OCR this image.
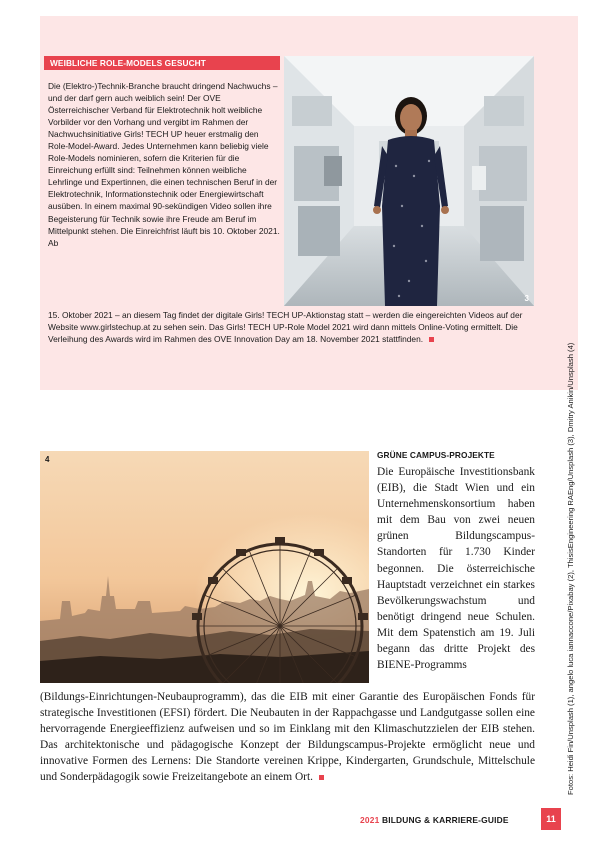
WEIBLICHE ROLE-MODELS GESUCHT
Die (Elektro-)Technik-Branche braucht dringend Nachwuchs – und der darf gern auch weiblich sein! Der OVE Österreichischer Verband für Elektrotechnik holt weibliche Vorbilder vor den Vorhang und vergibt im Rahmen der Nachwuchsinitiative Girls! TECH UP heuer erstmalig den Role-Model-Award. Jedes Unternehmen kann beliebig viele Role-Models nominieren, sofern die Kriterien für die Einreichung erfüllt sind: Teilnehmen können weibliche Lehrlinge und Expertinnen, die einen technischen Beruf in der Elektrotechnik, Informationstechnik oder Energiewirtschaft ausüben. In einem maximal 90-sekündigen Video sollen ihre Begeisterung für Technik sowie ihre Freude am Beruf im Mittelpunkt stehen. Die Einreichfrist läuft bis 10. Oktober 2021. Ab
15. Oktober 2021 – an diesem Tag findet der digitale Girls! TECH UP-Aktionstag statt – werden die eingereichten Videos auf der Website www.girlstechup.at zu sehen sein. Das Girls! TECH UP-Role Model 2021 wird dann mittels Online-Voting ermittelt. Die Verleihung des Awards wird im Rahmen des OVE Innovation Day am 18. November 2021 stattfinden.
3
4	GRÜNE CAMPUS-PROJEKTE
Die Europäische Investitionsbank (EIB), die Stadt Wien und ein Unternehmenskonsortium haben mit dem Bau von zwei neuen grünen Bildungscampus-Standorten für 1.730 Kinder begonnen. Die österreichische Hauptstadt verzeichnet ein starkes Bevölkerungswachstum und benötigt dringend neue Schulen. Mit dem Spatenstich am 19. Juli begann das dritte Projekt des BIENE-Programms
(Bildungs-Einrichtungen-Neubauprogramm), das die EIB mit einer Garantie des Europäischen Fonds für strategische Investitionen (EFSI) fördert. Die Neubauten in der Rappachgasse und Landgutgasse sollen eine hervorragende Energieeffizienz aufweisen und so im Einklang mit den Klimaschutzzielen der EIB stehen. Das architektonische und pädagogische Konzept der Bildungscampus-Projekte ermöglicht neue und innovative Formen des Lernens: Die Standorte vereinen Krippe, Kindergarten, Grundschule, Mittelschule und Sonderpädagogik sowie Freizeitangebote an einem Ort.	Fotos: Heidi Fin/Unsplash (1), angelo luca iannaccone/Pixabay (2), ThisisEngineering RAEng/Unsplash (3), Dmitry Anikin/Unsplash (4)
2021 BILDUNG & KARRIERE-GUIDE	11
